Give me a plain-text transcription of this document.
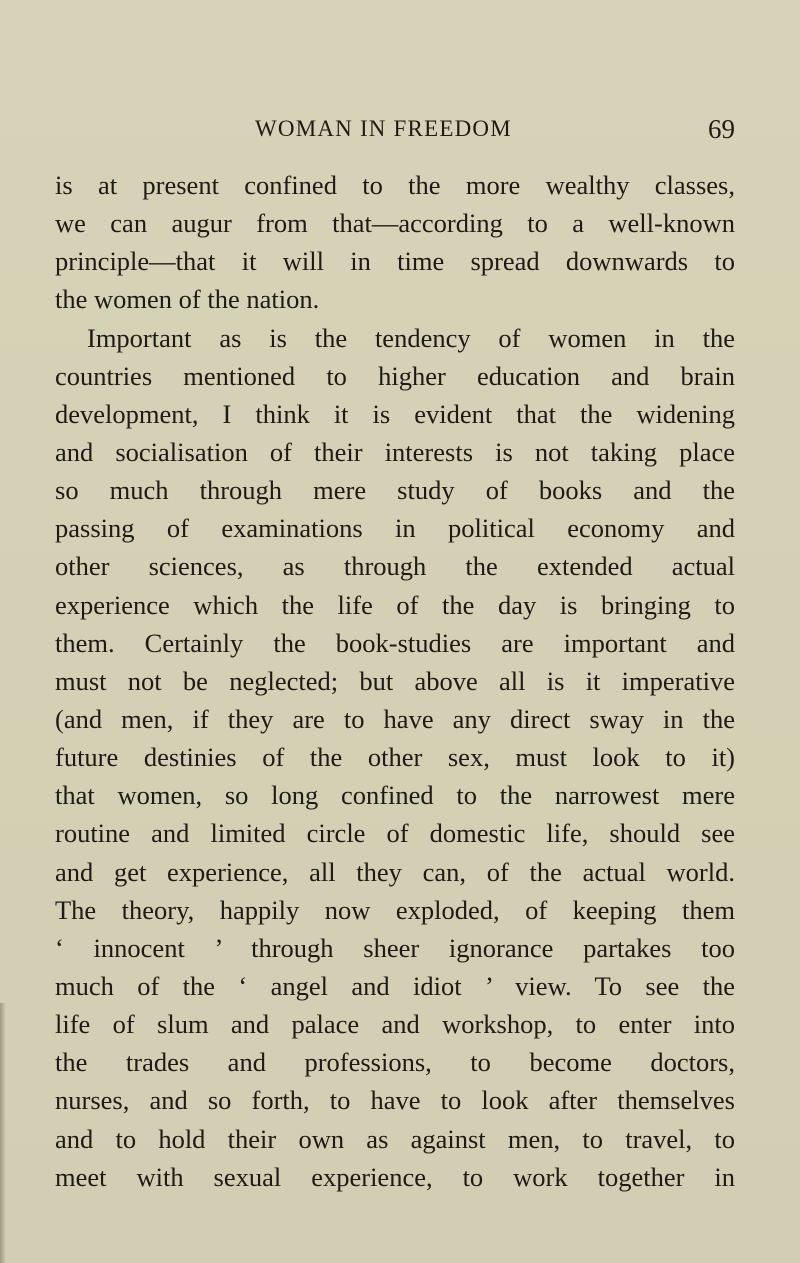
WOMAN IN FREEDOM	69
is at present confined to the more wealthy classes,
we can augur from that—according to a well-known
principle—that it will in time spread downwards to
the women of the nation.
Important as is the tendency of women in the
countries mentioned to higher education and brain
development, I think it is evident that the widening
and socialisation of their interests is not taking place
so much through mere study of books and the
passing of examinations in political economy and
other sciences, as through the extended actual
experience which the life of the day is bringing to
them. Certainly the book-studies are important and
must not be neglected; but above all is it imperative
(and men, if they are to have any direct sway in the
future destinies of the other sex, must look to it)
that women, so long confined to the narrowest mere
routine and limited circle of domestic life, should see
and get experience, all they can, of the actual world.
The theory, happily now exploded, of keeping them
‘ innocent ’ through sheer ignorance partakes too
much of the ‘ angel and idiot ’ view. To see the
life of slum and palace and workshop, to enter into
the trades and professions, to become doctors,
nurses, and so forth, to have to look after themselves
and to hold their own as against men, to travel, to
meet with sexual experience, to work together in
